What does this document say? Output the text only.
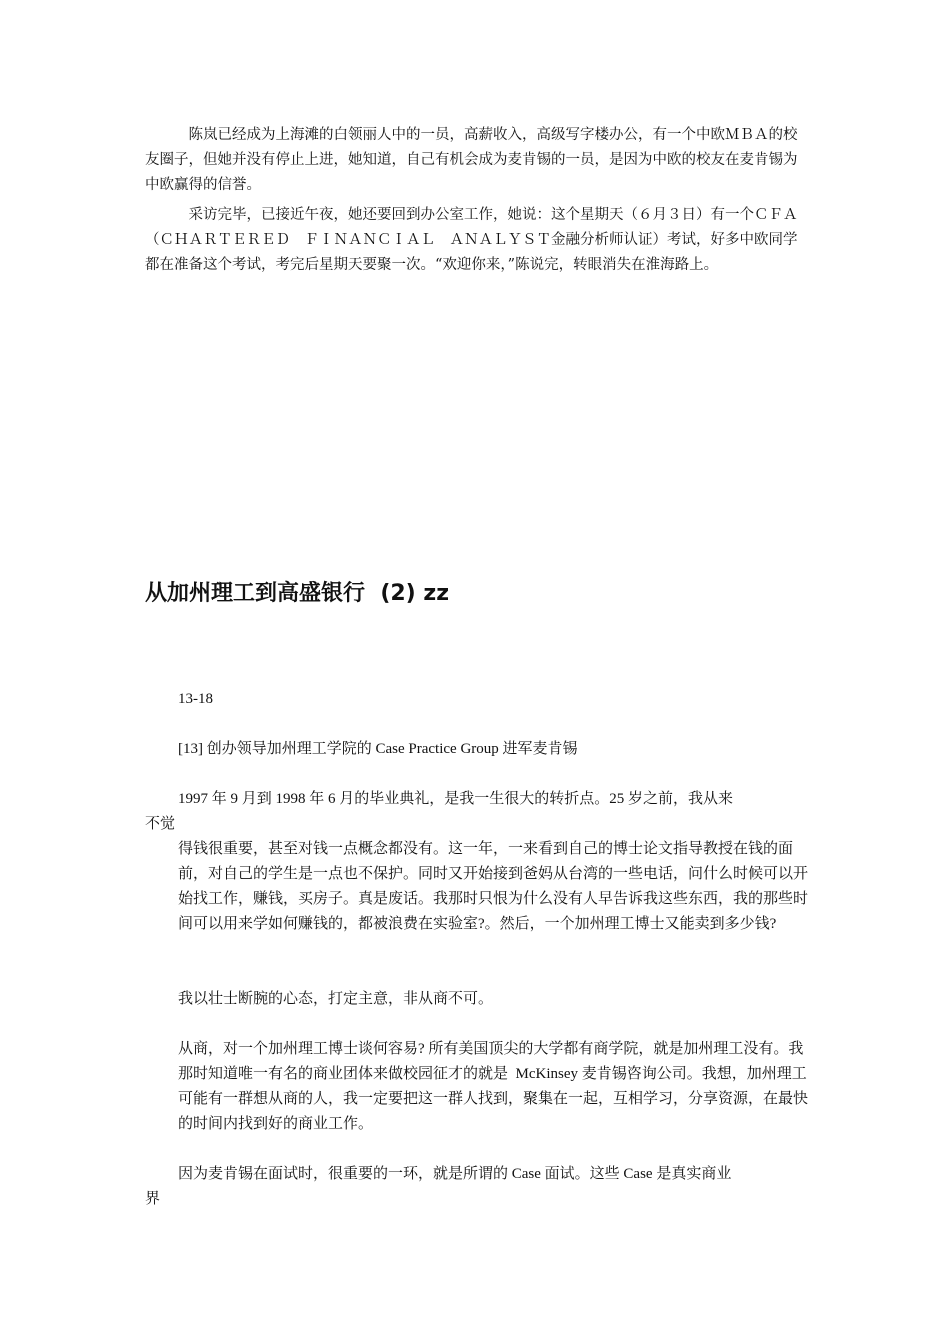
　　　陈岚已经成为上海滩的白领丽人中的一员，高薪收入，高级写字楼办公，有一个中欧ＭＢＡ的校友圈子，但她并没有停止上进，她知道，自己有机会成为麦肯锡的一员，是因为中欧的校友在麦肯锡为中欧赢得的信誉。
　　　采访完毕，已接近午夜，她还要回到办公室工作，她说：这个星期天（６月３日）有一个ＣＦＡ（ＣＨＡＲＴＥＲＥＤ　ＦＩＮＡＮＣＩＡＬ　ＡＮＡＬＹＳＴ金融分析师认证）考试，好多中欧同学都在准备这个考试，考完后星期天要聚一次。“欢迎你来，”陈说完，转眼消失在淮海路上。
从加州理工到高盛银行  (2) zz
13-18
[13] 创办领导加州理工学院的 Case Practice Group 进军麦肯锡
1997 年 9 月到 1998 年 6 月的毕业典礼，是我一生很大的转折点。25 岁之前，我从来
不觉
得钱很重要，甚至对钱一点概念都没有。这一年，一来看到自己的博士论文指导教授在钱的面前，对自己的学生是一点也不保护。同时又开始接到爸妈从台湾的一些电话，问什么时候可以开始找工作，赚钱，买房子。真是废话。我那时只恨为什么没有人早告诉我这些东西，我的那些时间可以用来学如何赚钱的，都被浪费在实验室?。然后，一个加州理工博士又能卖到多少钱?
我以壮士断腕的心态，打定主意，非从商不可。
从商，对一个加州理工博士谈何容易? 所有美国顶尖的大学都有商学院，就是加州理工没有。我那时知道唯一有名的商业团体来做校园征才的就是  McKinsey 麦肯锡咨询公司。我想，加州理工可能有一群想从商的人，我一定要把这一群人找到，聚集在一起，互相学习，分享资源，在最快的时间内找到好的商业工作。
因为麦肯锡在面试时，很重要的一环，就是所谓的 Case 面试。这些 Case 是真实商业
界
